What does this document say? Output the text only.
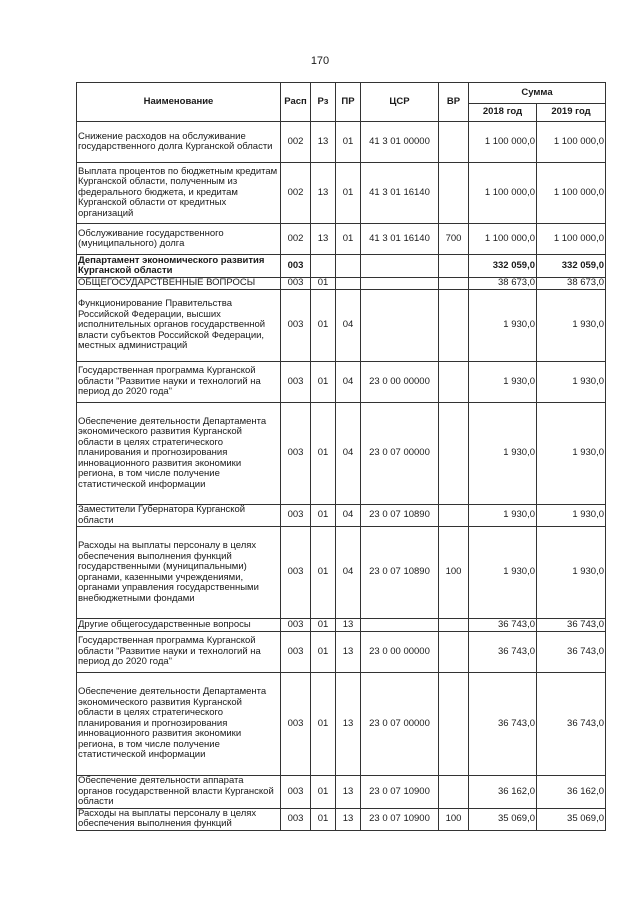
170
Наименование	Расп	Рз	ПР	ЦСР	ВР	Сумма	
						2018 год	2019 год
Снижение расходов на обслуживание государственного долга Курганской области	002	13	01	41 3 01 00000		1 100 000,0	1 100 000,0
Выплата процентов по бюджетным кредитам Курганской области, полученным из федерального бюджета, и кредитам Курганской области от кредитных организаций	002	13	01	41 3 01 16140		1 100 000,0	1 100 000,0
Обслуживание государственного (муниципального) долга	002	13	01	41 3 01 16140	700	1 100 000,0	1 100 000,0
Департамент экономического развития Курганской области	003					332 059,0	332 059,0
ОБЩЕГОСУДАРСТВЕННЫЕ ВОПРОСЫ	003	01				38 673,0	38 673,0
Функционирование Правительства Российской Федерации, высших исполнительных органов государственной власти субъектов Российской Федерации, местных администраций	003	01	04			1 930,0	1 930,0
Государственная программа Курганской области "Развитие науки и технологий на период до 2020 года"	003	01	04	23 0 00 00000		1 930,0	1 930,0
Обеспечение деятельности Департамента экономического развития Курганской области в целях стратегического планирования и прогнозирования инновационного развития экономики региона, в том числе получение статистической информации	003	01	04	23 0 07 00000		1 930,0	1 930,0
Заместители Губернатора Курганской области	003	01	04	23 0 07 10890		1 930,0	1 930,0
Расходы на выплаты персоналу в целях обеспечения выполнения функций государственными (муниципальными) органами, казенными учреждениями, органами управления государственными внебюджетными фондами	003	01	04	23 0 07 10890	100	1 930,0	1 930,0
Другие общегосударственные вопросы	003	01	13			36 743,0	36 743,0
Государственная программа Курганской области "Развитие науки и технологий на период до 2020 года"	003	01	13	23 0 00 00000		36 743,0	36 743,0
Обеспечение деятельности Департамента экономического развития Курганской области в целях стратегического планирования и прогнозирования инновационного развития экономики региона, в том числе получение статистической информации	003	01	13	23 0 07 00000		36 743,0	36 743,0
Обеспечение деятельности аппарата органов государственной власти Курганской области	003	01	13	23 0 07 10900		36 162,0	36 162,0
Расходы на выплаты персоналу в целях обеспечения выполнения функций	003	01	13	23 0 07 10900	100	35 069,0	35 069,0
